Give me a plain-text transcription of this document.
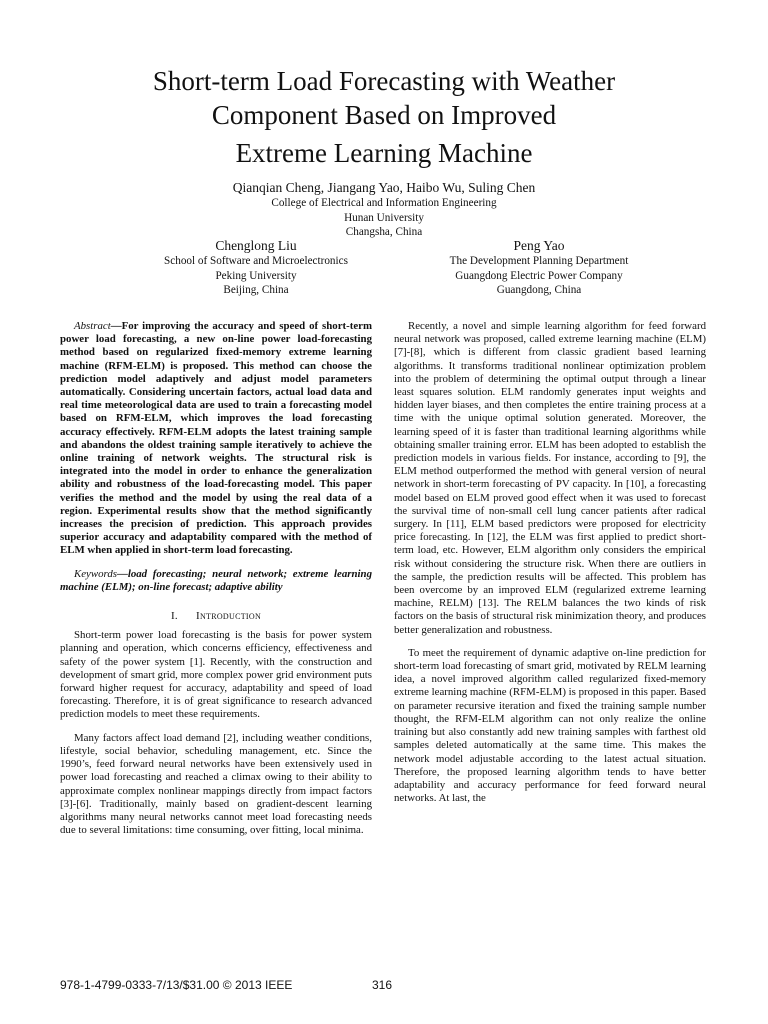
Short-term Load Forecasting with Weather
Component Based on Improved
Extreme Learning Machine
Qianqian Cheng, Jiangang Yao, Haibo Wu, Suling Chen
College of Electrical and Information Engineering
Hunan University
Changsha, China
Chenglong Liu
School of Software and Microelectronics
Peking University
Beijing, China
Peng Yao
The Development Planning Department
Guangdong Electric Power Company
Guangdong, China

Abstract—For improving the accuracy and speed of short-term power load forecasting, a new on-line power load-forecasting method based on regularized fixed-memory extreme learning machine (RFM-ELM) is proposed. This method can choose the prediction model adaptively and adjust model parameters automatically. Considering uncertain factors, actual load data and real time meteorological data are used to train a forecasting model based on RFM-ELM, which improves the load forecasting accuracy effectively. RFM-ELM adopts the latest training sample and abandons the oldest training sample iteratively to achieve the online training of network weights. The structural risk is integrated into the model in order to enhance the generalization ability and robustness of the load-forecasting model. This paper verifies the method and the model by using the real data of a region. Experimental results show that the method significantly increases the precision of prediction. This approach provides superior accuracy and adaptability compared with the method of ELM when applied in short-term load forecasting.

Keywords—load forecasting; neural network; extreme learning machine (ELM); on-line forecast; adaptive ability

I. Introduction

Short-term power load forecasting is the basis for power system planning and operation, which concerns efficiency, effectiveness and safety of the power system [1]. Recently, with the construction and development of smart grid, more complex power grid environment puts forward higher request for accuracy, adaptability and speed of load forecasting. Therefore, it is of great significance to research advanced prediction models to meet these requirements.

Many factors affect load demand [2], including weather conditions, lifestyle, social behavior, scheduling management, etc. Since the 1990’s, feed forward neural networks have been extensively used in power load forecasting and reached a climax owing to their ability to approximate complex nonlinear mappings directly from impact factors [3]-[6]. Traditionally, mainly based on gradient-descent learning algorithms many neural networks cannot meet load forecasting needs due to several limitations: time consuming, over fitting, local minima.

Recently, a novel and simple learning algorithm for feed forward neural network was proposed, called extreme learning machine (ELM) [7]-[8], which is different from classic gradient based learning algorithms. It transforms traditional nonlinear optimization problem into the problem of determining the optimal output through a linear least squares solution. ELM randomly generates input weights and hidden layer biases, and then completes the entire training process at a time with the unique optimal solution generated. Moreover, the learning speed of it is faster than traditional learning algorithms while obtaining smaller training error. ELM has been adopted to establish the prediction models in various fields. For instance, according to [9], the ELM method outperformed the method with general version of neural network in short-term forecasting of PV capacity. In [10], a forecasting model based on ELM proved good effect when it was used to forecast the survival time of non-small cell lung cancer patients after radical surgery. In [11], ELM based predictors were proposed for electricity price forecasting. In [12], the ELM was first applied to predict short-term load, etc. However, ELM algorithm only considers the empirical risk without considering the structure risk. When there are outliers in the sample, the prediction results will be affected. This problem has been overcome by an improved ELM (regularized extreme learning machine, RELM) [13]. The RELM balances the two kinds of risk factors on the basis of structural risk minimization theory, and produces better generalization and robustness.

To meet the requirement of dynamic adaptive on-line prediction for short-term load forecasting of smart grid, motivated by RELM learning idea, a novel improved algorithm called regularized fixed-memory extreme learning machine (RFM-ELM) is proposed in this paper. Based on parameter recursive iteration and fixed the training sample number thought, the RFM-ELM algorithm can not only realize the online training but also constantly add new training samples with farthest old samples deleted automatically at the same time. This makes the network model adjustable according to the latest actual situation. Therefore, the proposed learning algorithm tends to have better adaptability and accuracy performance for feed forward neural networks. At last, the

978-1-4799-0333-7/13/$31.00 © 2013 IEEE	316
